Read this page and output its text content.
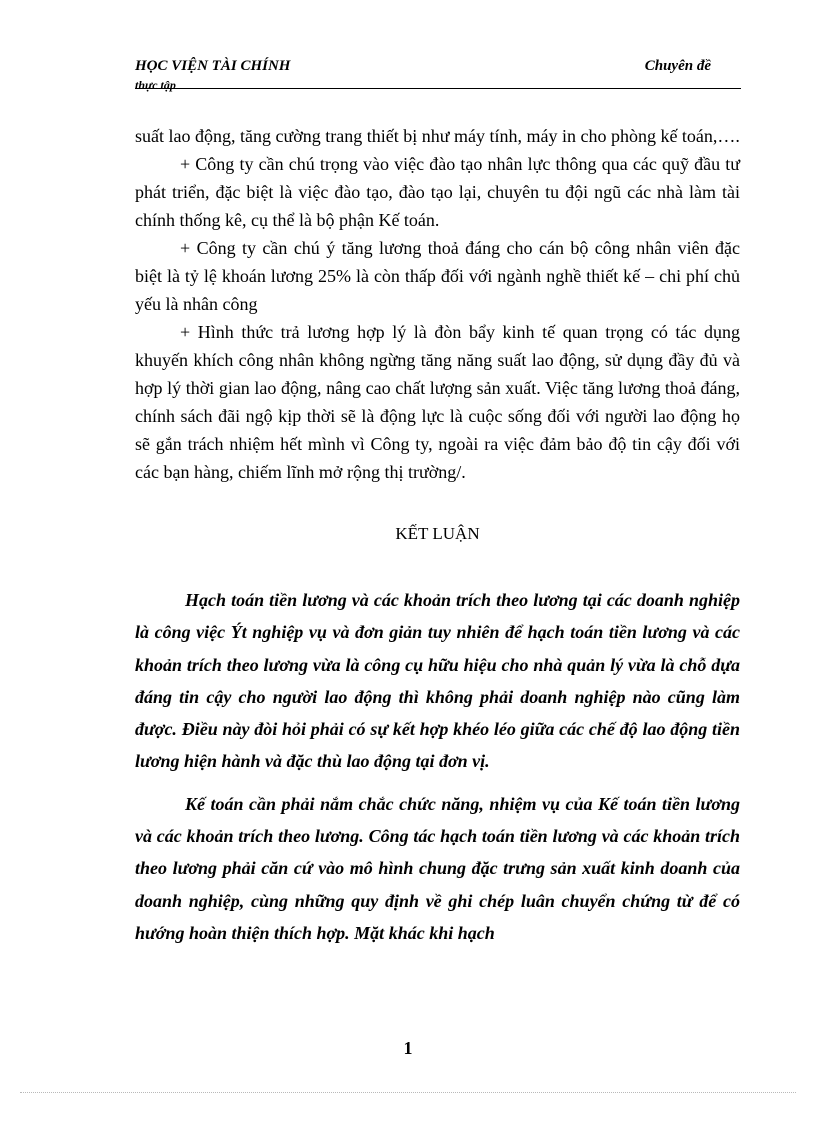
HỌC VIỆN TÀI CHÍNH
thực tập
Chuyên đề

suất lao động, tăng cường trang thiết bị như máy tính, máy in cho phòng kế toán,….

+ Công ty cần chú trọng vào việc đào tạo nhân lực thông qua các quỹ đầu tư phát triển, đặc biệt là việc đào tạo, đào tạo lại, chuyên tu đội ngũ các nhà làm tài chính thống kê, cụ thể là bộ phận Kế toán.

+ Công ty cần chú ý tăng lương thoả đáng cho cán bộ công nhân viên đặc biệt là tỷ lệ khoán lương 25% là còn thấp đối với ngành nghề thiết kế – chi phí chủ yếu là nhân công

+ Hình thức trả lương hợp lý là đòn bẩy kinh tế quan trọng có tác dụng khuyến khích công nhân không ngừng tăng năng suất lao động, sử dụng đầy đủ và hợp lý thời gian lao động, nâng cao chất lượng sản xuất. Việc tăng lương thoả đáng, chính sách đãi ngộ kịp thời sẽ là động lực là cuộc sống đối với người lao động họ sẽ gắn trách nhiệm hết mình vì Công ty, ngoài ra việc đảm bảo độ tin cậy đối với các bạn hàng, chiếm lĩnh mở rộng thị trường/.

KẾT LUẬN

Hạch toán tiền lương và các khoản trích theo lương tại các doanh nghiệp là công việc Ýt nghiệp vụ và đơn giản tuy nhiên để hạch toán tiền lương và các khoản trích theo lương vừa là công cụ hữu hiệu cho nhà quản lý vừa là chỗ dựa đáng tin cậy cho người lao động thì không phải doanh nghiệp nào cũng làm được. Điều này đòi hỏi phải có sự kết hợp khéo léo giữa các chế độ lao động tiền lương hiện hành và đặc thù lao động tại đơn vị.

Kế toán cần phải nắm chắc chức năng, nhiệm vụ của Kế toán tiền lương và các khoản trích theo lương. Công tác hạch toán tiền lương và các khoản trích theo lương phải căn cứ vào mô hình chung đặc trưng sản xuất kinh doanh của doanh nghiệp, cùng những quy định về ghi chép luân chuyển chứng từ để có hướng hoàn thiện thích hợp. Mặt khác khi hạch

1
